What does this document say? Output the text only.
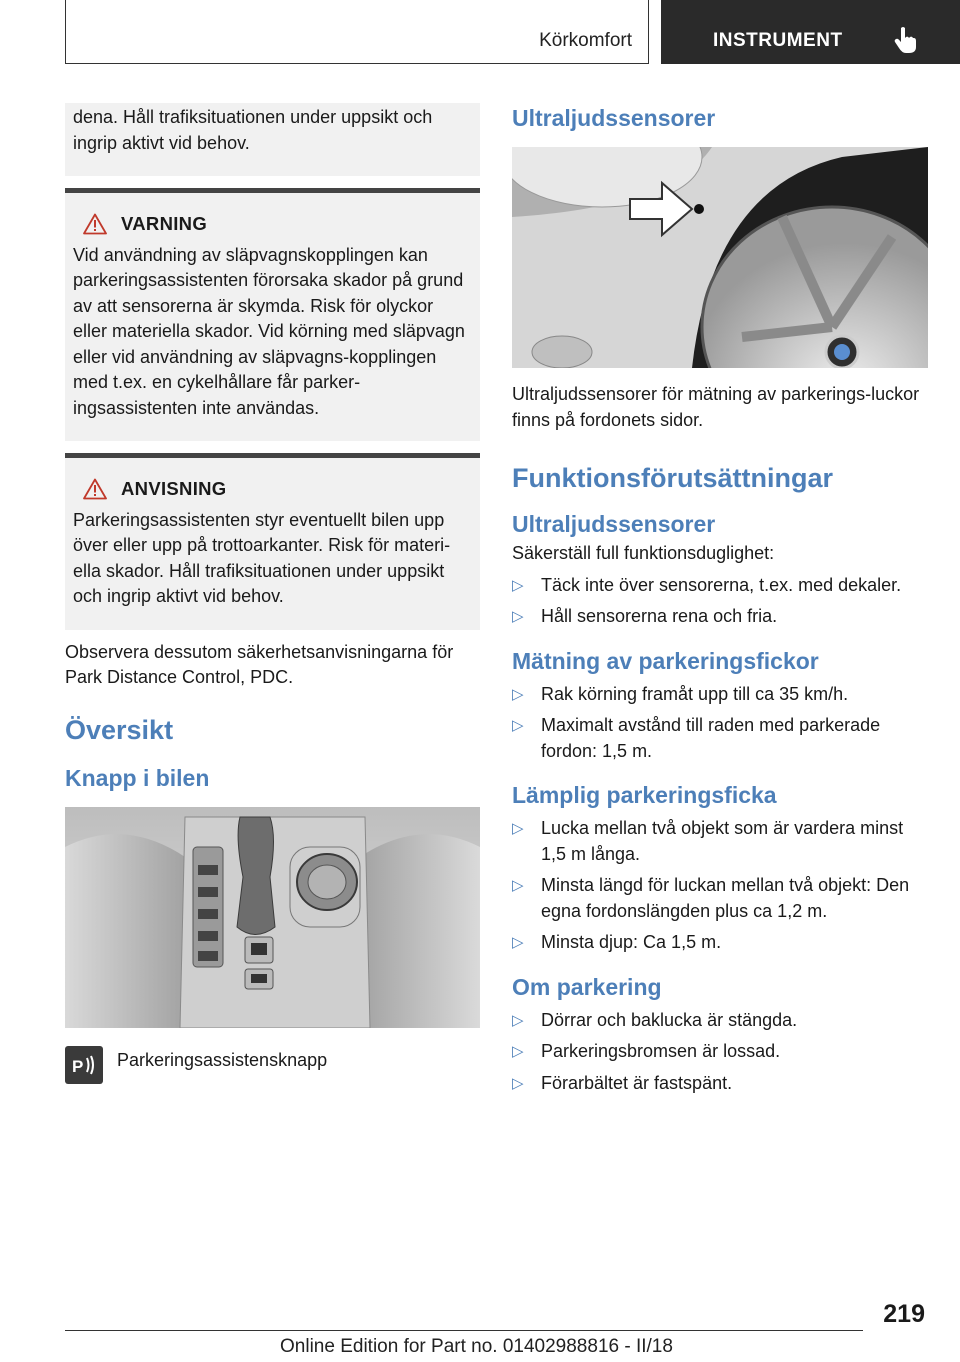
Körkomfort	INSTRUMENT

dena. Håll trafiksituationen under uppsikt och ingrip aktivt vid behov.

VARNING

Vid användning av släpvagnskopplingen kan parkeringsassistenten förorsaka skador på grund av att sensorerna är skymda. Risk för olyckor eller materiella skador. Vid körning med släpvagn eller vid användning av släpvagns-kopplingen med t.ex. en cykelhållare får parker-ingsassistenten inte användas.

ANVISNING

Parkeringsassistenten styr eventuellt bilen upp över eller upp på trottoarkanter. Risk för materi-ella skador. Håll trafiksituationen under uppsikt och ingrip aktivt vid behov.

Observera dessutom säkerhetsanvisningarna för Park Distance Control, PDC.

Översikt
Knapp i bilen
P Parkeringsassistensknapp
Ultraljudssensorer

Ultraljudssensorer för mätning av parkerings-luckor finns på fordonets sidor.

Funktionsförutsättningar
Ultraljudssensorer

Säkerställ full funktionsduglighet:

▷ Täck inte över sensorerna, t.ex. med dekaler.
▷ Håll sensorerna rena och fria.
Mätning av parkeringsfickor
▷ Rak körning framåt upp till ca 35 km/h.
▷ Maximalt avstånd till raden med parkerade fordon: 1,5 m.
Lämplig parkeringsficka
▷ Lucka mellan två objekt som är vardera minst 1,5 m långa.
▷ Minsta längd för luckan mellan två objekt: Den egna fordonslängden plus ca 1,2 m.
▷ Minsta djup: Ca 1,5 m.
Om parkering
▷ Dörrar och baklucka är stängda.
▷ Parkeringsbromsen är lossad.
▷ Förarbältet är fastspänt.
219
Online Edition for Part no. 01402988816 - II/18
